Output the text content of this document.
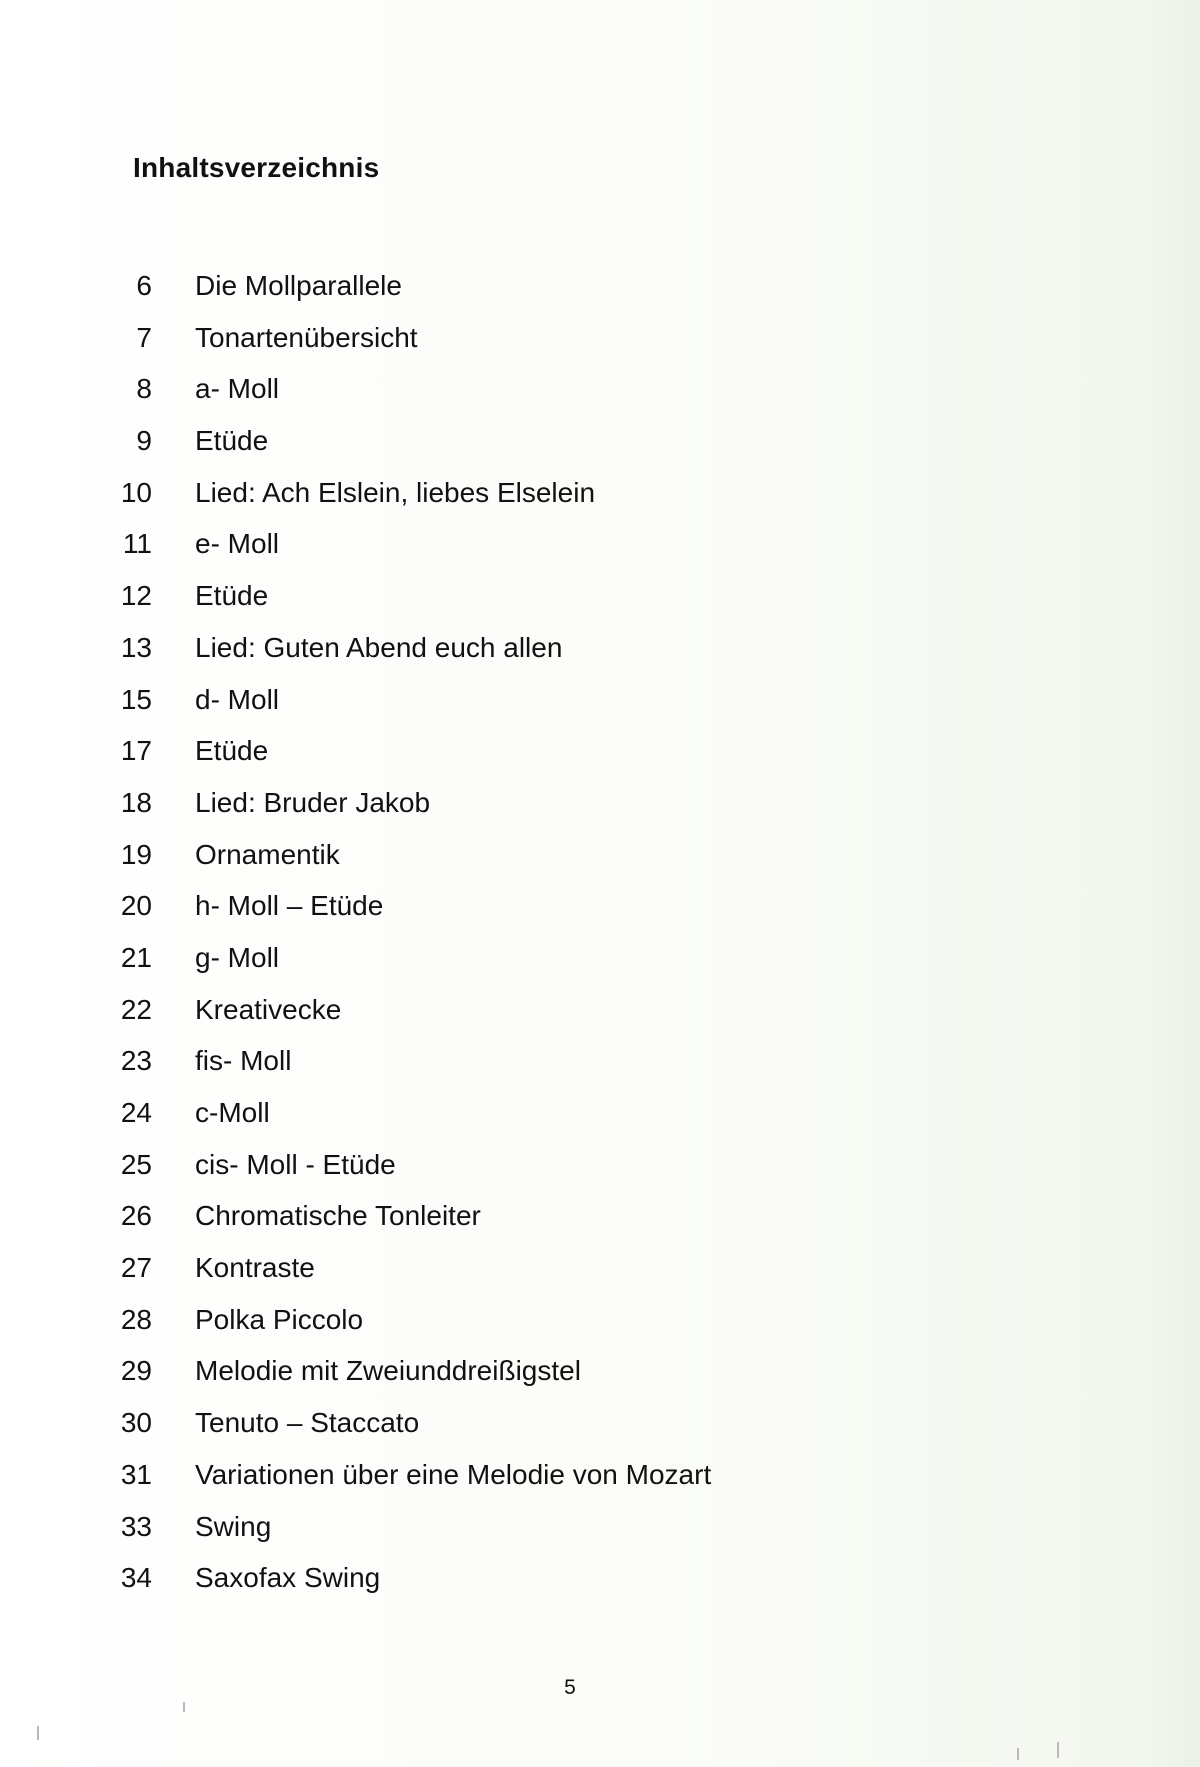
Inhaltsverzeichnis
6 Die Mollparallele
7 Tonartenübersicht
8 a- Moll
9 Etüde
10 Lied: Ach Elslein, liebes Elselein
11 e- Moll
12 Etüde
13 Lied: Guten Abend euch allen
15 d- Moll
17 Etüde
18 Lied: Bruder Jakob
19 Ornamentik
20 h- Moll – Etüde
21 g- Moll
22 Kreativecke
23 fis- Moll
24 c-Moll
25 cis- Moll - Etüde
26 Chromatische Tonleiter
27 Kontraste
28 Polka Piccolo
29 Melodie mit Zweiunddreißigstel
30 Tenuto – Staccato
31 Variationen über eine Melodie von Mozart
33 Swing
34 Saxofax Swing
5
